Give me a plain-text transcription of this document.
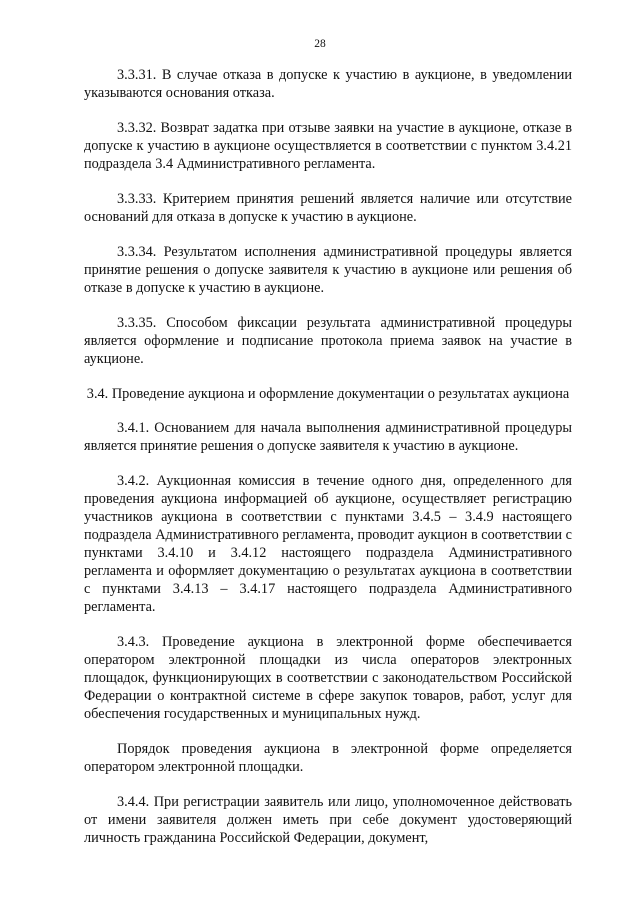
28

3.3.31. В случае отказа в допуске к участию в аукционе, в уведомлении указываются основания отказа.

3.3.32. Возврат задатка при отзыве заявки на участие в аукционе, отказе в допуске к участию в аукционе осуществляется в соответствии с пунктом 3.4.21 подраздела 3.4 Административного регламента.

3.3.33. Критерием принятия решений является наличие или отсутствие оснований для отказа в допуске к участию в аукционе.

3.3.34. Результатом исполнения административной процедуры является принятие решения о допуске заявителя к участию в аукционе или решения об отказе в допуске к участию в аукционе.

3.3.35. Способом фиксации результата административной процедуры является оформление и подписание протокола приема заявок на участие в аукционе.

3.4. Проведение аукциона и оформление документации о результатах аукциона

3.4.1. Основанием для начала выполнения административной процедуры является принятие решения о допуске заявителя к участию в аукционе.

3.4.2. Аукционная комиссия в течение одного дня, определенного для проведения аукциона информацией об аукционе, осуществляет регистрацию участников аукциона в соответствии с пунктами 3.4.5 – 3.4.9 настоящего подраздела Административного регламента, проводит аукцион в соответствии с пунктами 3.4.10 и 3.4.12 настоящего подраздела Административного регламента и оформляет документацию о результатах аукциона в соответствии с пунктами 3.4.13 – 3.4.17 настоящего подраздела Административного регламента.

3.4.3. Проведение аукциона в электронной форме обеспечивается оператором электронной площадки из числа операторов электронных площадок, функционирующих в соответствии с законодательством Российской Федерации о контрактной системе в сфере закупок товаров, работ, услуг для обеспечения государственных и муниципальных нужд.

Порядок проведения аукциона в электронной форме определяется оператором электронной площадки.

3.4.4. При регистрации заявитель или лицо, уполномоченное действовать от имени заявителя должен иметь при себе документ удостоверяющий личность гражданина Российской Федерации, документ,
